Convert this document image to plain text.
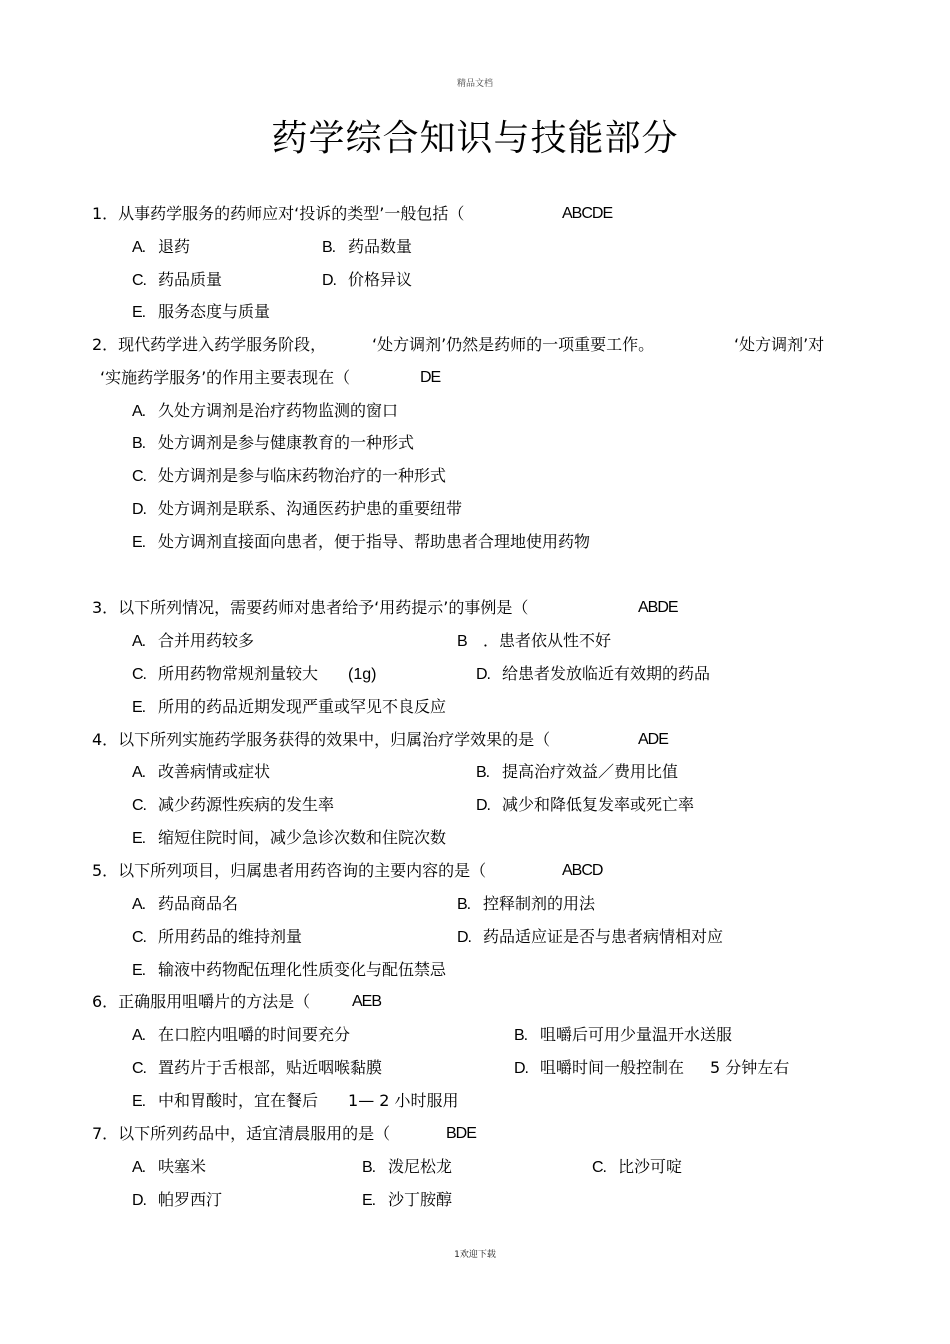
精品文档
药学综合知识与技能部分
1．从事药学服务的药师应对‘投诉的类型’一般包括（	ABCDE
A. 退药	B. 药品数量
C. 药品质量	D. 价格异议
E. 服务态度与质量
2．现代药学进入药学服务阶段，	‘处方调剂’仍然是药师的一项重要工作。	‘处方调剂’对
‘实施药学服务’的作用主要表现在（	DE
A. 久处方调剂是治疗药物监测的窗口
B. 处方调剂是参与健康教育的一种形式
C. 处方调剂是参与临床药物治疗的一种形式
D. 处方调剂是联系、沟通医药护患的重要纽带
E. 处方调剂直接面向患者，便于指导、帮助患者合理地使用药物
3．以下所列情况，需要药师对患者给予‘用药提示’的事例是（	ABDE
A. 合并用药较多	B ．患者依从性不好
C. 所用药物常规剂量较大 (1g)	D. 给患者发放临近有效期的药品
E. 所用的药品近期发现严重或罕见不良反应
4．以下所列实施药学服务获得的效果中，归属治疗学效果的是（	ADE
A. 改善病情或症状	B. 提高治疗效益／费用比值
C. 减少药源性疾病的发生率	D. 减少和降低复发率或死亡率
E. 缩短住院时间，减少急诊次数和住院次数
5．以下所列项目，归属患者用药咨询的主要内容的是（	ABCD
A. 药品商品名	B. 控释制剂的用法
C. 所用药品的维持剂量	D. 药品适应证是否与患者病情相对应
E. 输液中药物配伍理化性质变化与配伍禁忌
6．正确服用咀嚼片的方法是（	AEB
A. 在口腔内咀嚼的时间要充分	B. 咀嚼后可用少量温开水送服
C. 置药片于舌根部，贴近咽喉黏膜	D. 咀嚼时间一般控制在 5 分钟左右
E. 中和胃酸时，宜在餐后 1— 2 小时服用
7．以下所列药品中，适宜清晨服用的是（	BDE
A. 呋塞米	B. 泼尼松龙	C. 比沙可啶
D. 帕罗西汀	E. 沙丁胺醇
1欢迎下载
